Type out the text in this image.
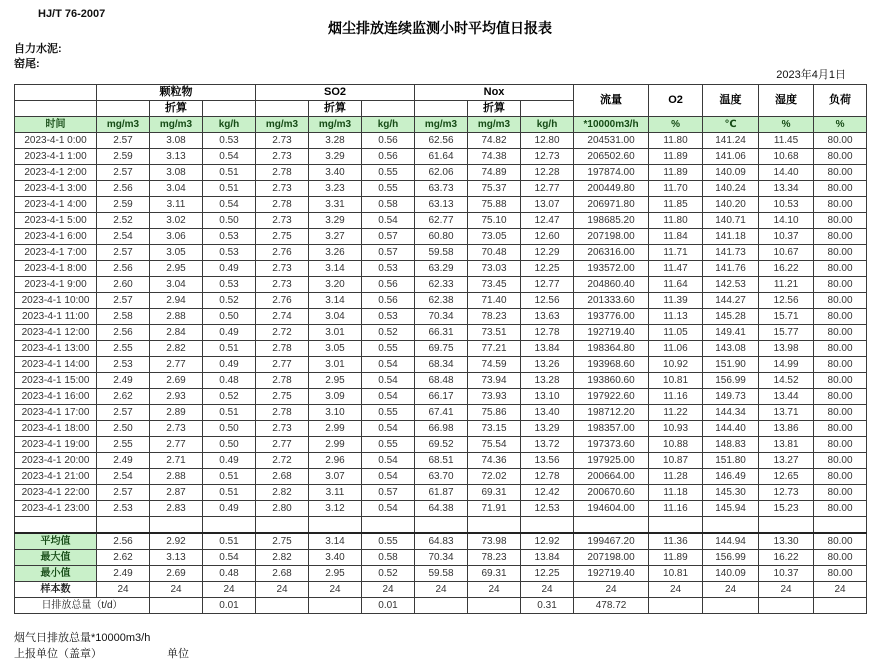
HJ/T 76-2007
烟尘排放连续监测小时平均值日报表
自力水泥:
窑尾:
2023年4月1日
	颗粒物			SO2			Nox			流量	O2	温度	湿度	负荷
		折算			折算			折算						
时间	mg/m3	mg/m3	kg/h	mg/m3	mg/m3	kg/h	mg/m3	mg/m3	kg/h	*10000m3/h	%	℃	%	%
2023-4-1 0:00	2.57	3.08	0.53	2.73	3.28	0.56	62.56	74.82	12.80	204531.00	11.80	141.24	11.45	80.00
2023-4-1 1:00	2.59	3.13	0.54	2.73	3.29	0.56	61.64	74.38	12.73	206502.60	11.89	141.06	10.68	80.00
2023-4-1 2:00	2.57	3.08	0.51	2.78	3.40	0.55	62.06	74.89	12.28	197874.00	11.89	140.09	14.40	80.00
2023-4-1 3:00	2.56	3.04	0.51	2.73	3.23	0.55	63.73	75.37	12.77	200449.80	11.70	140.24	13.34	80.00
2023-4-1 4:00	2.59	3.11	0.54	2.78	3.31	0.58	63.13	75.88	13.07	206971.80	11.85	140.20	10.53	80.00
2023-4-1 5:00	2.52	3.02	0.50	2.73	3.29	0.54	62.77	75.10	12.47	198685.20	11.80	140.71	14.10	80.00
2023-4-1 6:00	2.54	3.06	0.53	2.75	3.27	0.57	60.80	73.05	12.60	207198.00	11.84	141.18	10.37	80.00
2023-4-1 7:00	2.57	3.05	0.53	2.76	3.26	0.57	59.58	70.48	12.29	206316.00	11.71	141.73	10.67	80.00
2023-4-1 8:00	2.56	2.95	0.49	2.73	3.14	0.53	63.29	73.03	12.25	193572.00	11.47	141.76	16.22	80.00
2023-4-1 9:00	2.60	3.04	0.53	2.73	3.20	0.56	62.33	73.45	12.77	204860.40	11.64	142.53	11.21	80.00
2023-4-1 10:00	2.57	2.94	0.52	2.76	3.14	0.56	62.38	71.40	12.56	201333.60	11.39	144.27	12.56	80.00
2023-4-1 11:00	2.58	2.88	0.50	2.74	3.04	0.53	70.34	78.23	13.63	193776.00	11.13	145.28	15.71	80.00
2023-4-1 12:00	2.56	2.84	0.49	2.72	3.01	0.52	66.31	73.51	12.78	192719.40	11.05	149.41	15.77	80.00
2023-4-1 13:00	2.55	2.82	0.51	2.78	3.05	0.55	69.75	77.21	13.84	198364.80	11.06	143.08	13.98	80.00
2023-4-1 14:00	2.53	2.77	0.49	2.77	3.01	0.54	68.34	74.59	13.26	193968.60	10.92	151.90	14.99	80.00
2023-4-1 15:00	2.49	2.69	0.48	2.78	2.95	0.54	68.48	73.94	13.28	193860.60	10.81	156.99	14.52	80.00
2023-4-1 16:00	2.62	2.93	0.52	2.75	3.09	0.54	66.17	73.93	13.10	197922.60	11.16	149.73	13.44	80.00
2023-4-1 17:00	2.57	2.89	0.51	2.78	3.10	0.55	67.41	75.86	13.40	198712.20	11.22	144.34	13.71	80.00
2023-4-1 18:00	2.50	2.73	0.50	2.73	2.99	0.54	66.98	73.15	13.29	198357.00	10.93	144.40	13.86	80.00
2023-4-1 19:00	2.55	2.77	0.50	2.77	2.99	0.55	69.52	75.54	13.72	197373.60	10.88	148.83	13.81	80.00
2023-4-1 20:00	2.49	2.71	0.49	2.72	2.96	0.54	68.51	74.36	13.56	197925.00	10.87	151.80	13.27	80.00
2023-4-1 21:00	2.54	2.88	0.51	2.68	3.07	0.54	63.70	72.02	12.78	200664.00	11.28	146.49	12.65	80.00
2023-4-1 22:00	2.57	2.87	0.51	2.82	3.11	0.57	61.87	69.31	12.42	200670.60	11.18	145.30	12.73	80.00
2023-4-1 23:00	2.53	2.83	0.49	2.80	3.12	0.54	64.38	71.91	12.53	194604.00	11.16	145.94	15.23	80.00

平均值	2.56	2.92	0.51	2.75	3.14	0.55	64.83	73.98	12.92	199467.20	11.36	144.94	13.30	80.00
最大值	2.62	3.13	0.54	2.82	3.40	0.58	70.34	78.23	13.84	207198.00	11.89	156.99	16.22	80.00
最小值	2.49	2.69	0.48	2.68	2.95	0.52	59.58	69.31	12.25	192719.40	10.81	140.09	10.37	80.00
样本数	24	24	24	24	24	24	24	24	24	24	24	24	24	24
日排放总量（t/d）			0.01			0.01			0.31	478.72				
烟气日排放总量*10000m3/h
上报单位（盖章）	单位
